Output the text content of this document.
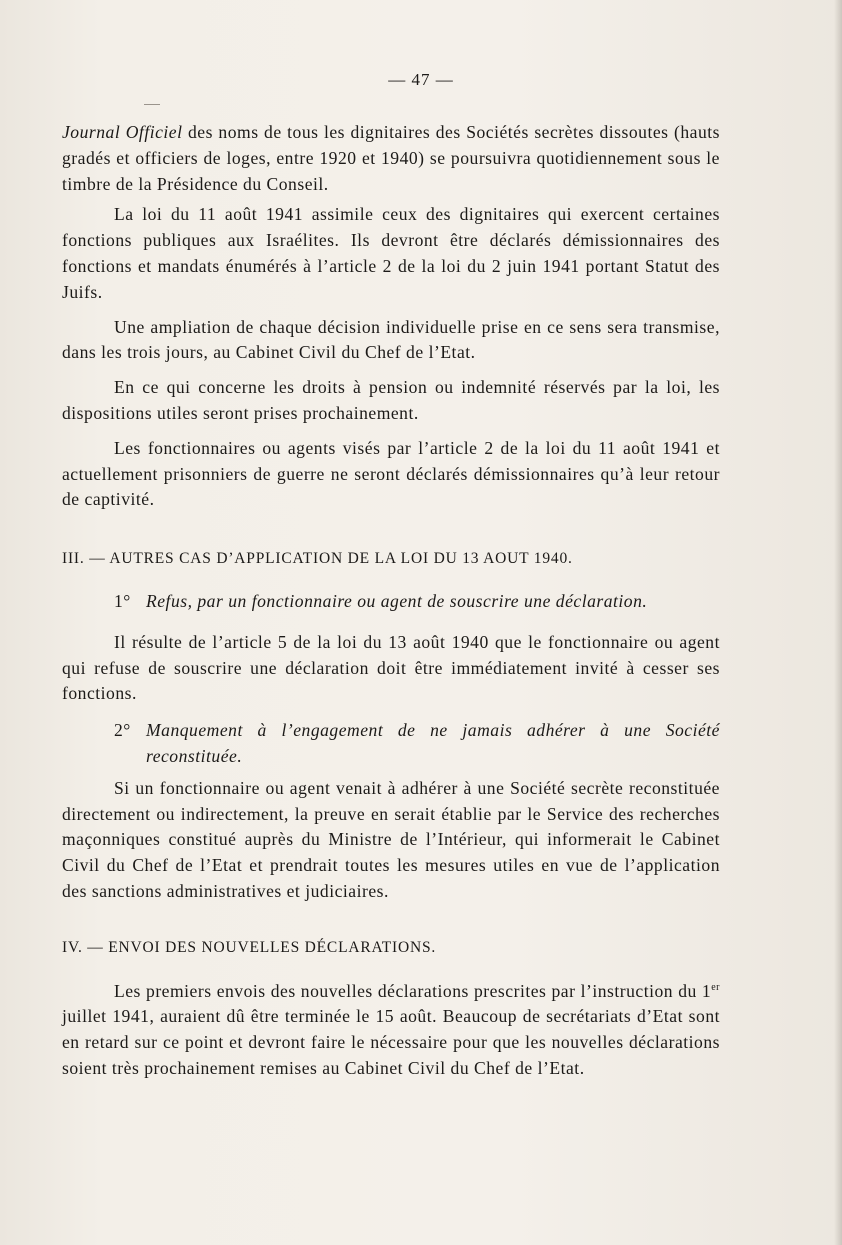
— 47 —

Journal Officiel des noms de tous les dignitaires des Sociétés secrètes dissoutes (hauts gradés et officiers de loges, entre 1920 et 1940) se poursuivra quotidiennement sous le timbre de la Présidence du Conseil.

La loi du 11 août 1941 assimile ceux des dignitaires qui exercent certaines fonctions publiques aux Israélites. Ils devront être déclarés démissionnaires des fonctions et mandats énumérés à l’article 2 de la loi du 2 juin 1941 portant Statut des Juifs.

Une ampliation de chaque décision individuelle prise en ce sens sera transmise, dans les trois jours, au Cabinet Civil du Chef de l’Etat.

En ce qui concerne les droits à pension ou indemnité réservés par la loi, les dispositions utiles seront prises prochainement.

Les fonctionnaires ou agents visés par l’article 2 de la loi du 11 août 1941 et actuellement prisonniers de guerre ne seront déclarés démissionnaires qu’à leur retour de captivité.

III. — AUTRES CAS D’APPLICATION DE LA LOI DU 13 AOUT 1940.

1° Refus, par un fonctionnaire ou agent de souscrire une déclaration.

Il résulte de l’article 5 de la loi du 13 août 1940 que le fonctionnaire ou agent qui refuse de souscrire une déclaration doit être immédiatement invité à cesser ses fonctions.

2° Manquement à l’engagement de ne jamais adhérer à une Société reconstituée.

Si un fonctionnaire ou agent venait à adhérer à une Société secrète reconstituée directement ou indirectement, la preuve en serait établie par le Service des recherches maçonniques constitué auprès du Ministre de l’Intérieur, qui informerait le Cabinet Civil du Chef de l’Etat et prendrait toutes les mesures utiles en vue de l’application des sanctions administratives et judiciaires.

IV. — ENVOI DES NOUVELLES DÉCLARATIONS.

Les premiers envois des nouvelles déclarations prescrites par l’instruction du 1er juillet 1941, auraient dû être terminée le 15 août. Beaucoup de secrétariats d’Etat sont en retard sur ce point et devront faire le nécessaire pour que les nouvelles déclarations soient très prochainement remises au Cabinet Civil du Chef de l’Etat.
